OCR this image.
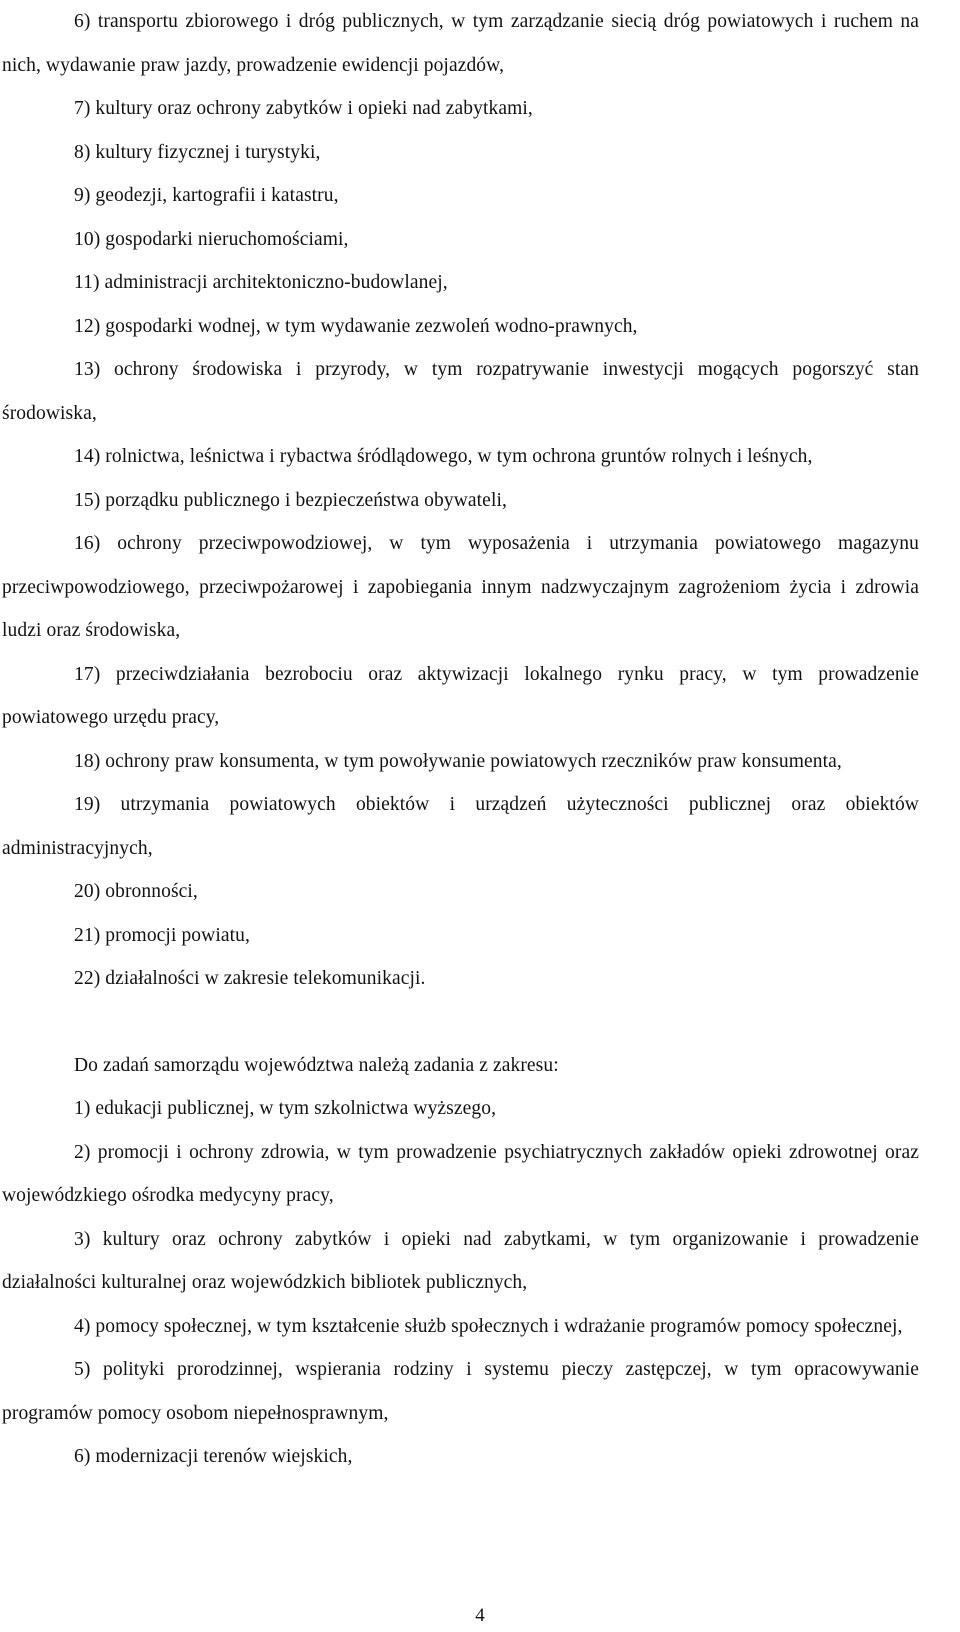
6) transportu zbiorowego i dróg publicznych, w tym zarządzanie siecią dróg powiatowych i ruchem na nich, wydawanie praw jazdy, prowadzenie ewidencji pojazdów,

7) kultury oraz ochrony zabytków i opieki nad zabytkami,

8) kultury fizycznej i turystyki,

9) geodezji, kartografii i katastru,

10) gospodarki nieruchomościami,

11) administracji architektoniczno-budowlanej,

12) gospodarki wodnej, w tym wydawanie zezwoleń wodno-prawnych,

13) ochrony środowiska i przyrody, w tym rozpatrywanie inwestycji mogących pogorszyć stan środowiska,

14) rolnictwa, leśnictwa i rybactwa śródlądowego, w tym ochrona gruntów rolnych i leśnych,

15) porządku publicznego i bezpieczeństwa obywateli,

16) ochrony przeciwpowodziowej, w tym wyposażenia i utrzymania powiatowego magazynu przeciwpowodziowego, przeciwpożarowej i zapobiegania innym nadzwyczajnym zagrożeniom życia i zdrowia ludzi oraz środowiska,

17) przeciwdziałania bezrobociu oraz aktywizacji lokalnego rynku pracy, w tym prowadzenie powiatowego urzędu pracy,

18) ochrony praw konsumenta, w tym powoływanie powiatowych rzeczników praw konsumenta,

19) utrzymania powiatowych obiektów i urządzeń użyteczności publicznej oraz obiektów administracyjnych,

20) obronności,

21) promocji powiatu,

22) działalności w zakresie telekomunikacji.

Do zadań samorządu województwa należą zadania z zakresu:

1) edukacji publicznej, w tym szkolnictwa wyższego,

2) promocji i ochrony zdrowia, w tym prowadzenie psychiatrycznych zakładów opieki zdrowotnej oraz wojewódzkiego ośrodka medycyny pracy,

3) kultury oraz ochrony zabytków i opieki nad zabytkami, w tym organizowanie i prowadzenie działalności kulturalnej oraz wojewódzkich bibliotek publicznych,

4) pomocy społecznej, w tym kształcenie służb społecznych i wdrażanie programów pomocy społecznej,

5) polityki prorodzinnej, wspierania rodziny i systemu pieczy zastępczej, w tym opracowywanie programów pomocy osobom niepełnosprawnym,

6) modernizacji terenów wiejskich,

4
